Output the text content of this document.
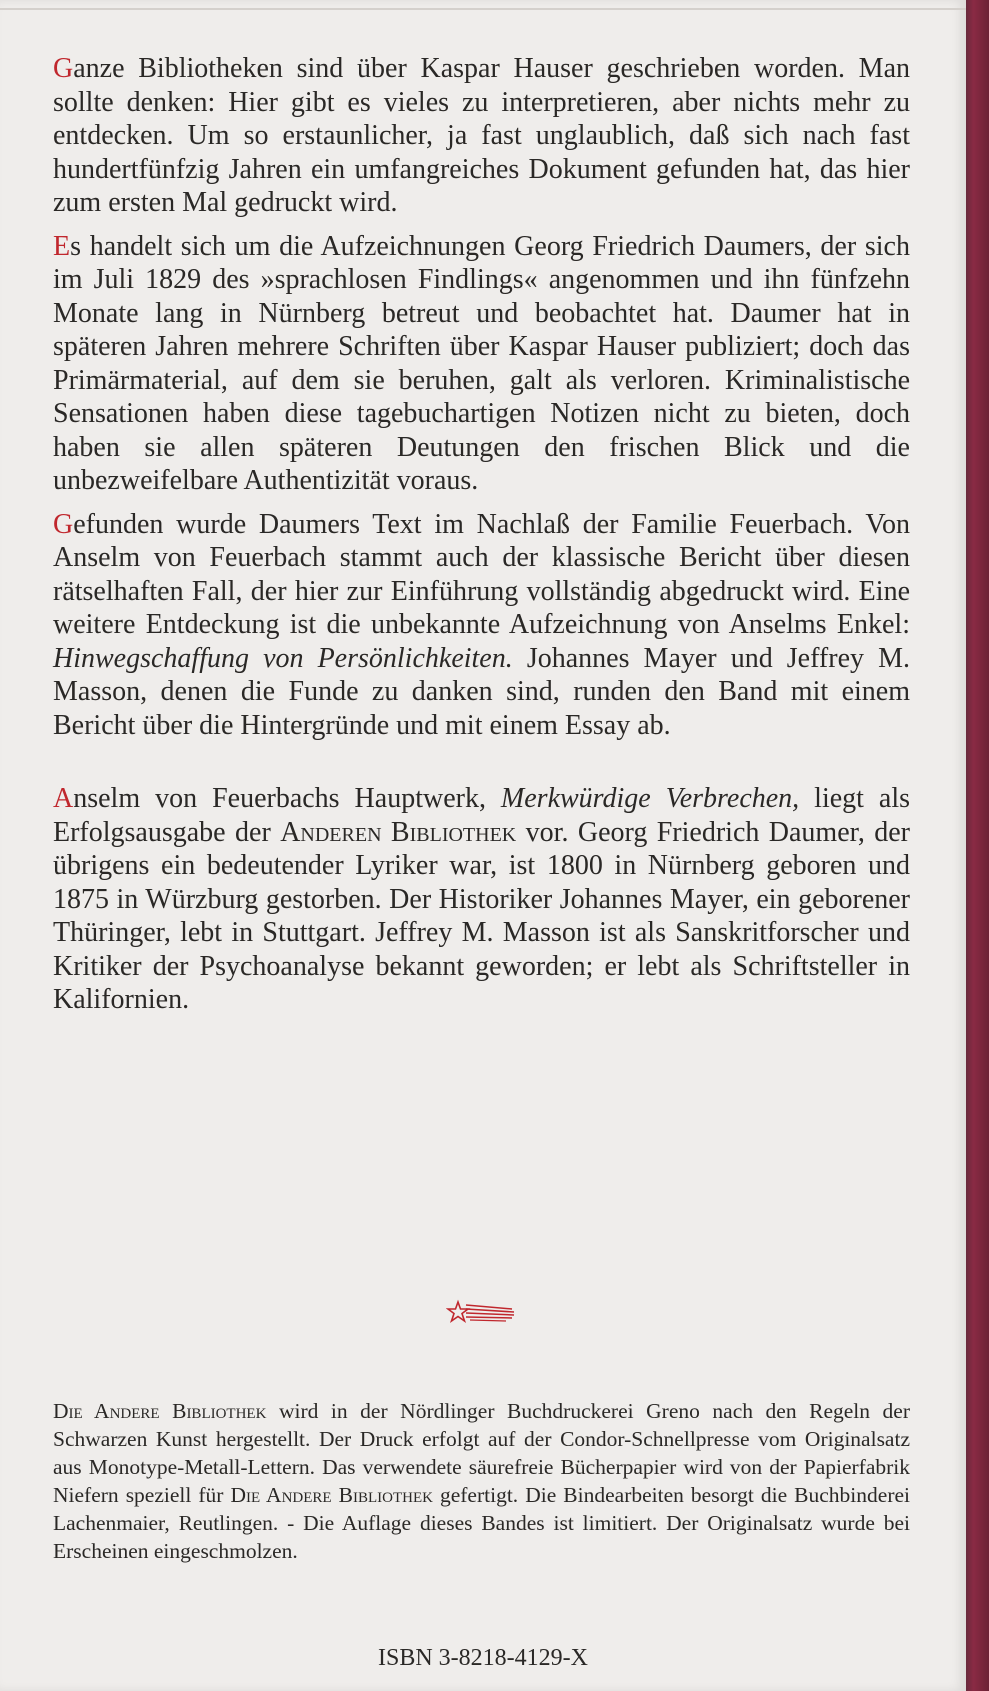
Ganze Bibliotheken sind über Kaspar Hauser geschrieben worden. Man sollte denken: Hier gibt es vieles zu interpretieren, aber nichts mehr zu entdecken. Um so erstaunlicher, ja fast unglaublich, daß sich nach fast hundertfünfzig Jahren ein umfangreiches Dokument gefunden hat, das hier zum ersten Mal gedruckt wird.

Es handelt sich um die Aufzeichnungen Georg Friedrich Daumers, der sich im Juli 1829 des »sprachlosen Findlings« angenommen und ihn fünfzehn Monate lang in Nürnberg betreut und beobachtet hat. Daumer hat in späteren Jahren mehrere Schriften über Kaspar Hauser publiziert; doch das Primärmaterial, auf dem sie beruhen, galt als verloren. Kriminalistische Sensationen haben diese tagebuchartigen Notizen nicht zu bieten, doch haben sie allen späteren Deutungen den frischen Blick und die unbezweifelbare Authentizität voraus.

Gefunden wurde Daumers Text im Nachlaß der Familie Feuerbach. Von Anselm von Feuerbach stammt auch der klassische Bericht über diesen rätselhaften Fall, der hier zur Einführung vollständig abgedruckt wird. Eine weitere Entdeckung ist die unbekannte Aufzeichnung von Anselms Enkel: Hinwegschaffung von Persönlichkeiten. Johannes Mayer und Jeffrey M. Masson, denen die Funde zu danken sind, runden den Band mit einem Bericht über die Hintergründe und mit einem Essay ab.

Anselm von Feuerbachs Hauptwerk, Merkwürdige Verbrechen, liegt als Erfolgsausgabe der Anderen Bibliothek vor. Georg Friedrich Daumer, der übrigens ein bedeutender Lyriker war, ist 1800 in Nürnberg geboren und 1875 in Würzburg gestorben. Der Historiker Johannes Mayer, ein geborener Thüringer, lebt in Stuttgart. Jeffrey M. Masson ist als Sanskritforscher und Kritiker der Psychoanalyse bekannt geworden; er lebt als Schriftsteller in Kalifornien.

Die Andere Bibliothek wird in der Nördlinger Buchdruckerei Greno nach den Regeln der Schwarzen Kunst hergestellt. Der Druck erfolgt auf der Condor-Schnellpresse vom Originalsatz aus Monotype-Metall-Lettern. Das verwendete säurefreie Bücherpapier wird von der Papierfabrik Niefern speziell für Die Andere Bibliothek gefertigt. Die Bindearbeiten besorgt die Buchbinderei Lachenmaier, Reutlingen. - Die Auflage dieses Bandes ist limitiert. Der Originalsatz wurde bei Erscheinen eingeschmolzen.
ISBN 3-8218-4129-X
